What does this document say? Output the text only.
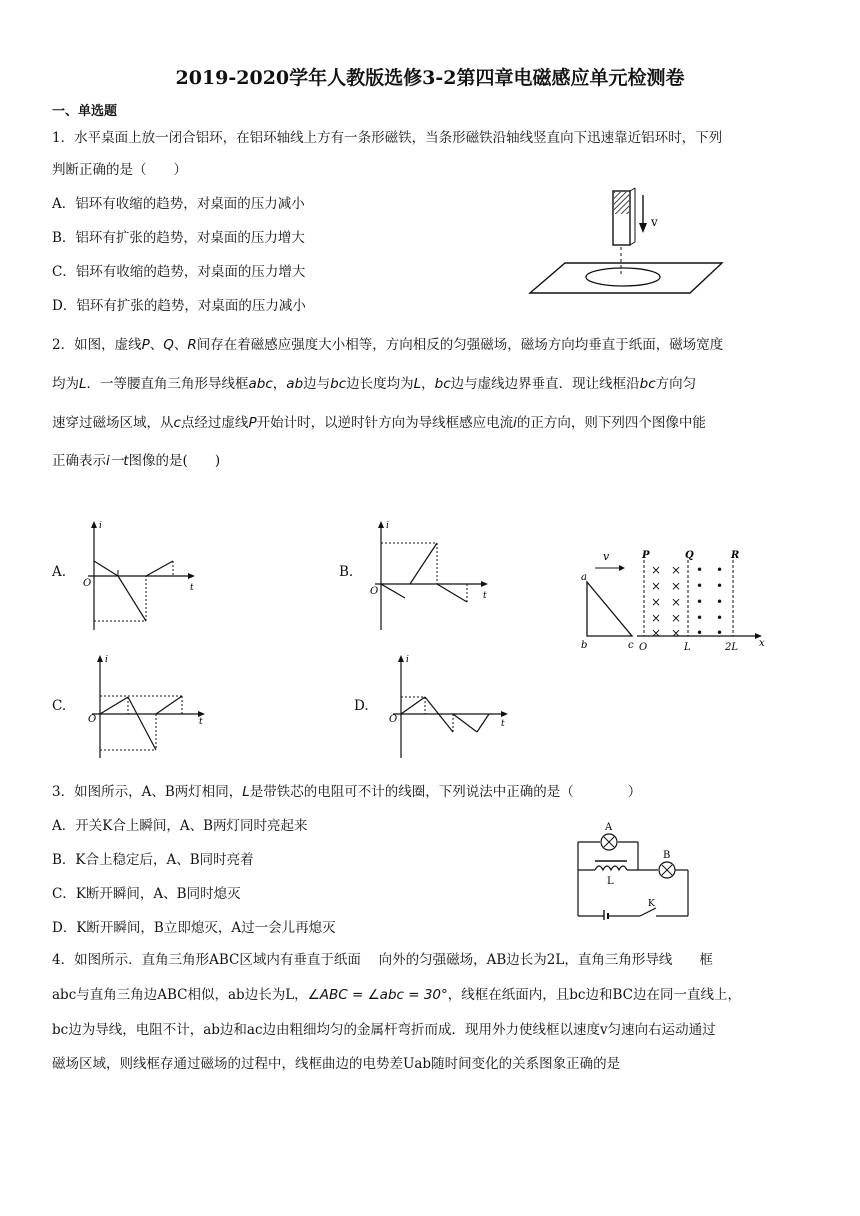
2019-2020学年人教版选修3-2第四章电磁感应单元检测卷
一、单选题
1．水平桌面上放一闭合铝环，在铝环轴线上方有一条形磁铁，当条形磁铁沿轴线竖直向下迅速靠近铝环时，下列
判断正确的是（　　）
A．铝环有收缩的趋势，对桌面的压力减小
B．铝环有扩张的趋势，对桌面的压力增大
C．铝环有收缩的趋势，对桌面的压力增大
D．铝环有扩张的趋势，对桌面的压力减小
v
2．如图，虚线P、Q、R间存在着磁感应强度大小相等，方向相反的匀强磁场，磁场方向均垂直于纸面，磁场宽度
均为L．一等腰直角三角形导线框abc，ab边与bc边长度均为L，bc边与虚线边界垂直．现让线框沿bc方向匀
速穿过磁场区域，从c点经过虚线P开始计时，以逆时针方向为导线框感应电流i的正方向，则下列四个图像中能
正确表示i一t图像的是(　　)
A.	B.
C.	D.
i
t
O
i
t
O
v	P	Q	R
× ×
× ×
× ×
× ×
× ×
• •
• •
• •
• •
• •
a
b	c O	L	2L x
i
t
O
i
t
O
3．如图所示，A、B两灯相同，L是带铁芯的电阻可不计的线圈，下列说法中正确的是（　　　　）
A．开关K合上瞬间，A、B两灯同时亮起来
B．K合上稳定后，A、B同时亮着
C．K断开瞬间，A、B同时熄灭
D．K断开瞬间，B立即熄灭，A过一会儿再熄灭
A
L
B
K
4．如图所示．直角三角形ABC区域内有垂直于纸面　 向外的匀强磁场，AB边长为2L，直角三角形导线　　框
abc与直角三角边ABC相似，ab边长为L，∠ABC = ∠abc = 30°，线框在纸面内，且bc边和BC边在同一直线上，
bc边为导线，电阻不计，ab边和ac边由粗细均匀的金属杆弯折而成．现用外力使线框以速度v匀速向右运动通过
磁场区域，则线框存通过磁场的过程中，线框曲边的电势差Uab随时间变化的关系图象正确的是
